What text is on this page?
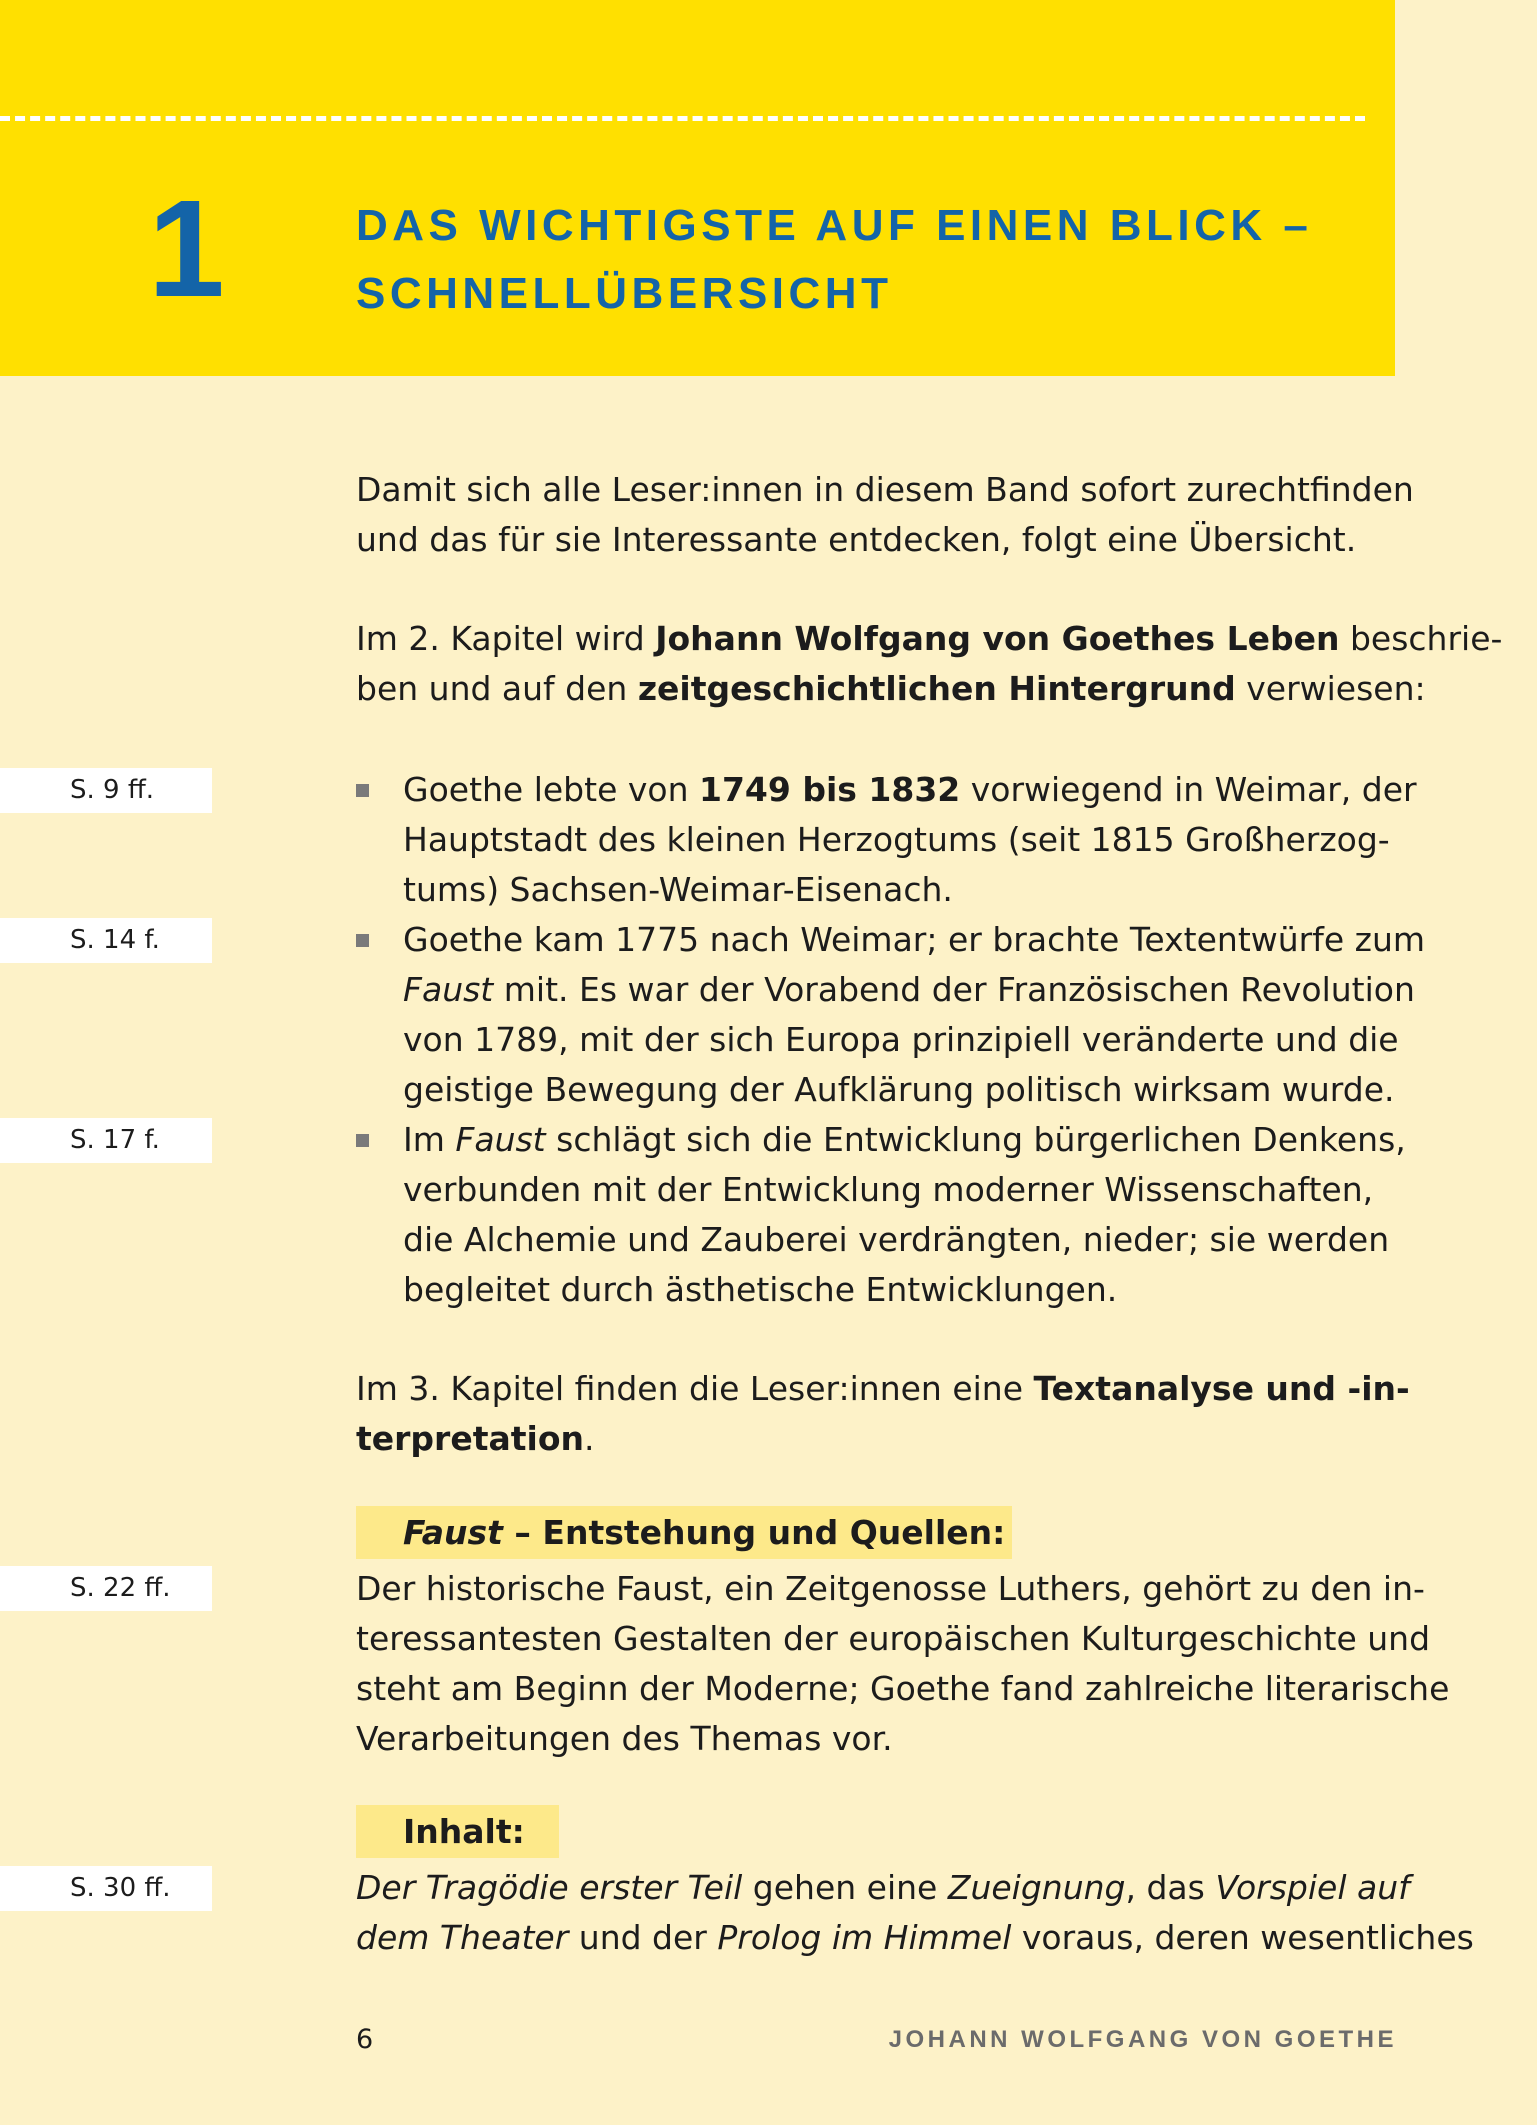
1	DAS WICHTIGSTE AUF EINEN BLICK –
SCHNELLÜBERSICHT
Damit sich alle Leser:innen in diesem Band sofort zurechtfinden
und das für sie Interessante entdecken, folgt eine Übersicht.
Im 2. Kapitel wird Johann Wolfgang von Goethes Leben beschrie-
ben und auf den zeitgeschichtlichen Hintergrund verwiesen:
S. 9 ff.
S. 14 f.
S. 17 f.
S. 22 ff.
S. 30 ff.
Goethe lebte von 1749 bis 1832 vorwiegend in Weimar, der
Hauptstadt des kleinen Herzogtums (seit 1815 Großherzog-
tums) Sachsen-Weimar-Eisenach.
Goethe kam 1775 nach Weimar; er brachte Textentwürfe zum
Faust mit. Es war der Vorabend der Französischen Revolution
von 1789, mit der sich Europa prinzipiell veränderte und die
geistige Bewegung der Aufklärung politisch wirksam wurde.
Im Faust schlägt sich die Entwicklung bürgerlichen Denkens,
verbunden mit der Entwicklung moderner Wissenschaften,
die Alchemie und Zauberei verdrängten, nieder; sie werden
begleitet durch ästhetische Entwicklungen.
Im 3. Kapitel finden die Leser:innen eine Textanalyse und -in-
terpretation.
Faust – Entstehung und Quellen:
Der historische Faust, ein Zeitgenosse Luthers, gehört zu den in-
teressantesten Gestalten der europäischen Kulturgeschichte und
steht am Beginn der Moderne; Goethe fand zahlreiche literarische
Verarbeitungen des Themas vor.
Inhalt:
Der Tragödie erster Teil gehen eine Zueignung, das Vorspiel auf
dem Theater und der Prolog im Himmel voraus, deren wesentliches
6	JOHANN WOLFGANG VON GOETHE
